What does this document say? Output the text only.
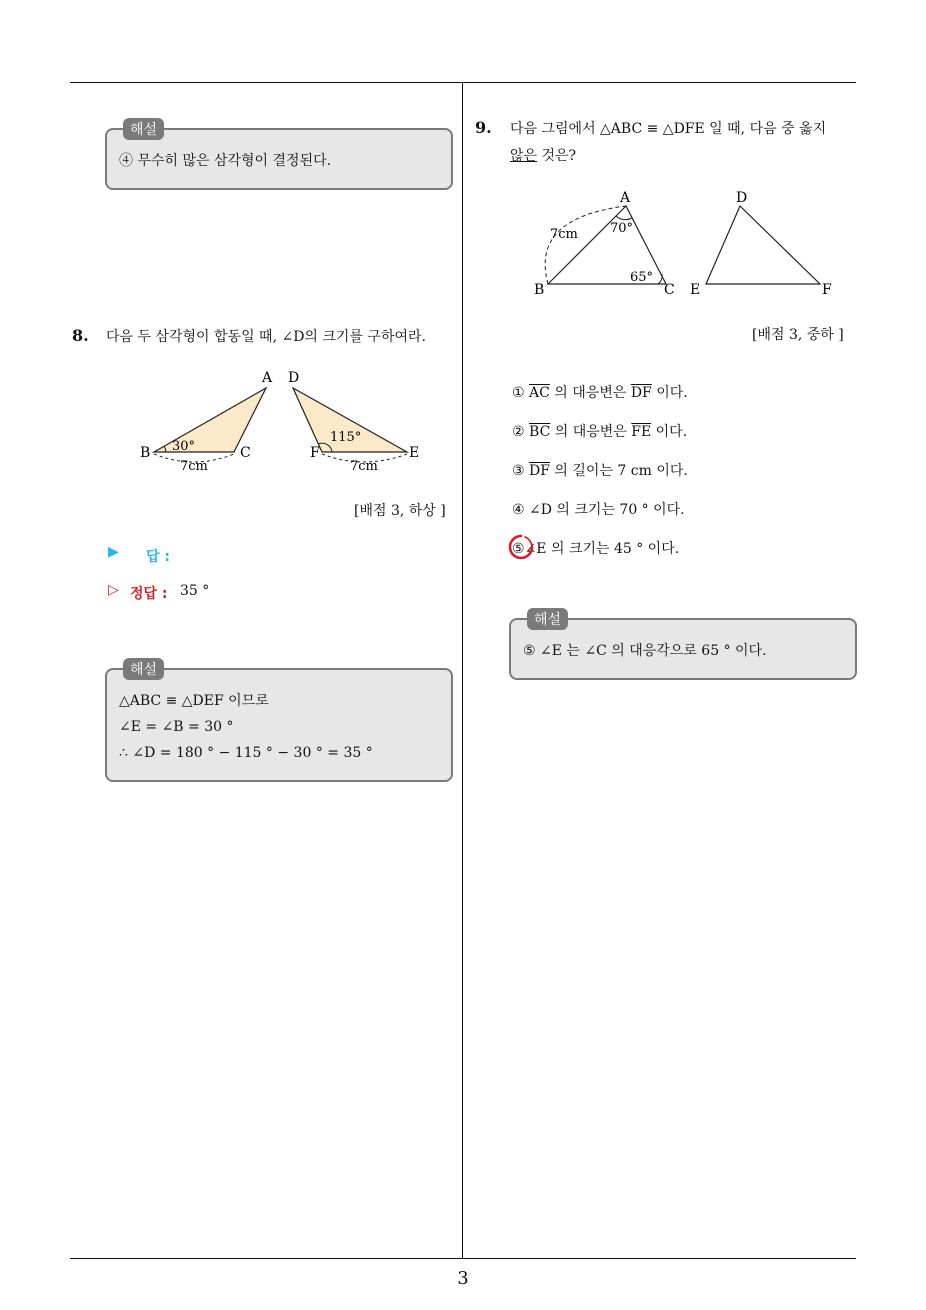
3
해설
④ 무수히 많은 삼각형이 결정된다.
8. 다음 두 삼각형이 합동일 때, ∠D의 크기를 구하여라.
A D
B	C	F	E
30°
115°
7cm	7cm
[배점 3, 하상 ]
▶ 답 :
▷ 정답 : 35 °
해설
△ABC ≡ △DEF 이므로
∠E = ∠B = 30 °
∴ ∠D = 180 ° − 115 ° − 30 ° = 35 °
9. 다음 그림에서 △ABC ≡ △DFE 일 때, 다음 중 옳지
않은 것은?
A
B	C
D
E	F
7cm 70°
65°
[배점 3, 중하 ]
① $\overline{AC}$ 의 대응변은 $\overline{DF}$ 이다.
② $\overline{BC}$ 의 대응변은 $\overline{FE}$ 이다.
③ $\overline{DF}$ 의 길이는 7 cm 이다.
④ ∠D 의 크기는 70 ° 이다.
⑤∠E 의 크기는 45 ° 이다.
해설
⑤ ∠E 는 ∠C 의 대응각으로 65 ° 이다.
